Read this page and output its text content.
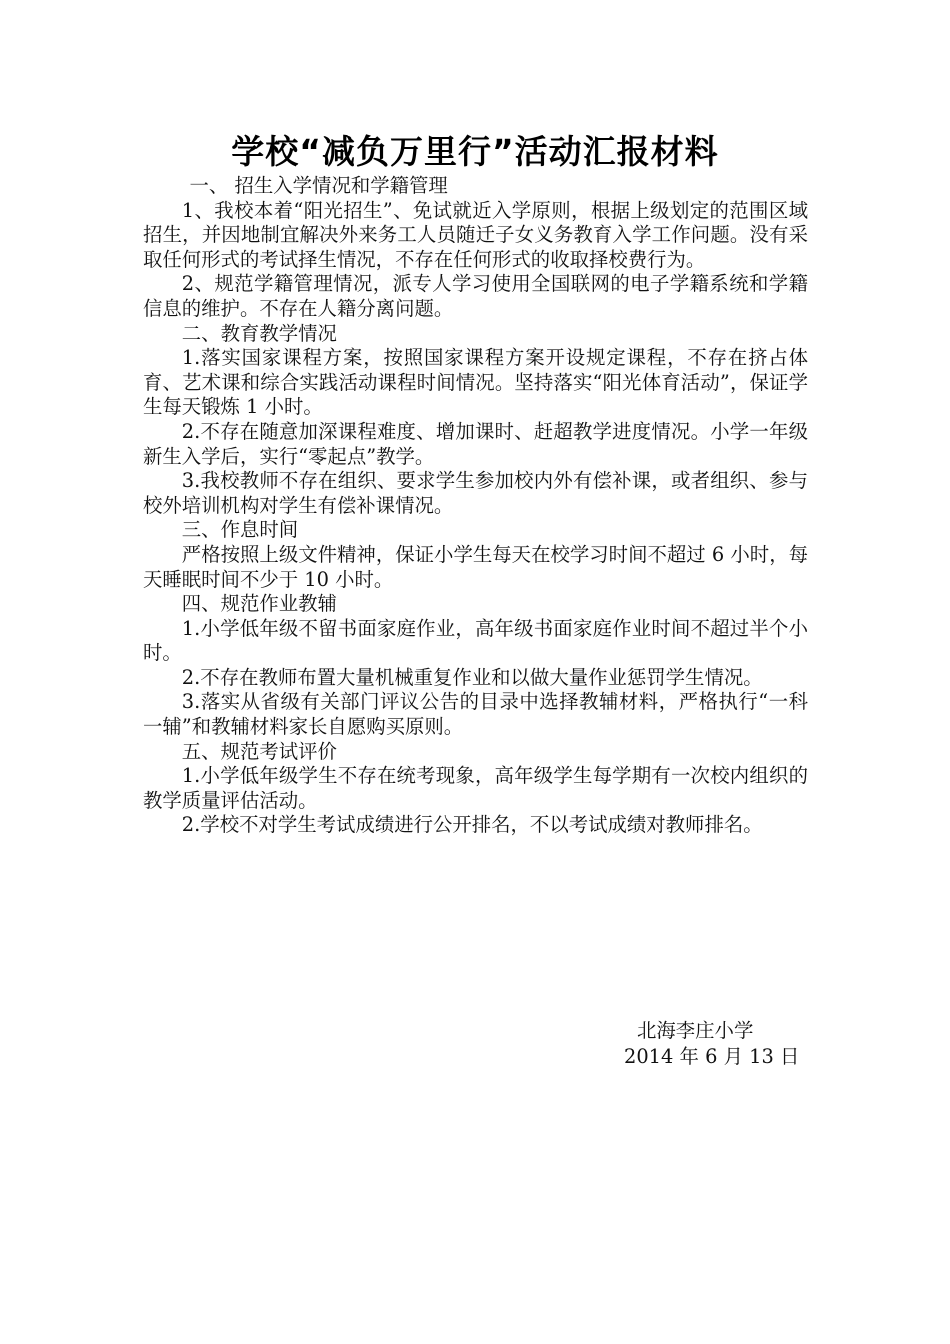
学校“减负万里行”活动汇报材料

一、 招生入学情况和学籍管理

1、我校本着“阳光招生”、免试就近入学原则，根据上级划定的范围区域招生，并因地制宜解决外来务工人员随迁子女义务教育入学工作问题。没有采取任何形式的考试择生情况，不存在任何形式的收取择校费行为。

2、规范学籍管理情况，派专人学习使用全国联网的电子学籍系统和学籍信息的维护。不存在人籍分离问题。

二、教育教学情况

1.落实国家课程方案，按照国家课程方案开设规定课程，不存在挤占体育、艺术课和综合实践活动课程时间情况。坚持落实“阳光体育活动”，保证学生每天锻炼 1 小时。

2.不存在随意加深课程难度、增加课时、赶超教学进度情况。小学一年级新生入学后，实行“零起点”教学。

3.我校教师不存在组织、要求学生参加校内外有偿补课，或者组织、参与校外培训机构对学生有偿补课情况。

三、作息时间

严格按照上级文件精神，保证小学生每天在校学习时间不超过 6 小时，每天睡眠时间不少于 10 小时。

四、规范作业教辅

1.小学低年级不留书面家庭作业，高年级书面家庭作业时间不超过半个小时。

2.不存在教师布置大量机械重复作业和以做大量作业惩罚学生情况。

3.落实从省级有关部门评议公告的目录中选择教辅材料，严格执行“一科一辅”和教辅材料家长自愿购买原则。

五、规范考试评价

1.小学低年级学生不存在统考现象，高年级学生每学期有一次校内组织的教学质量评估活动。

2.学校不对学生考试成绩进行公开排名，不以考试成绩对教师排名。

北海李庄小学
2014 年 6 月 13 日
